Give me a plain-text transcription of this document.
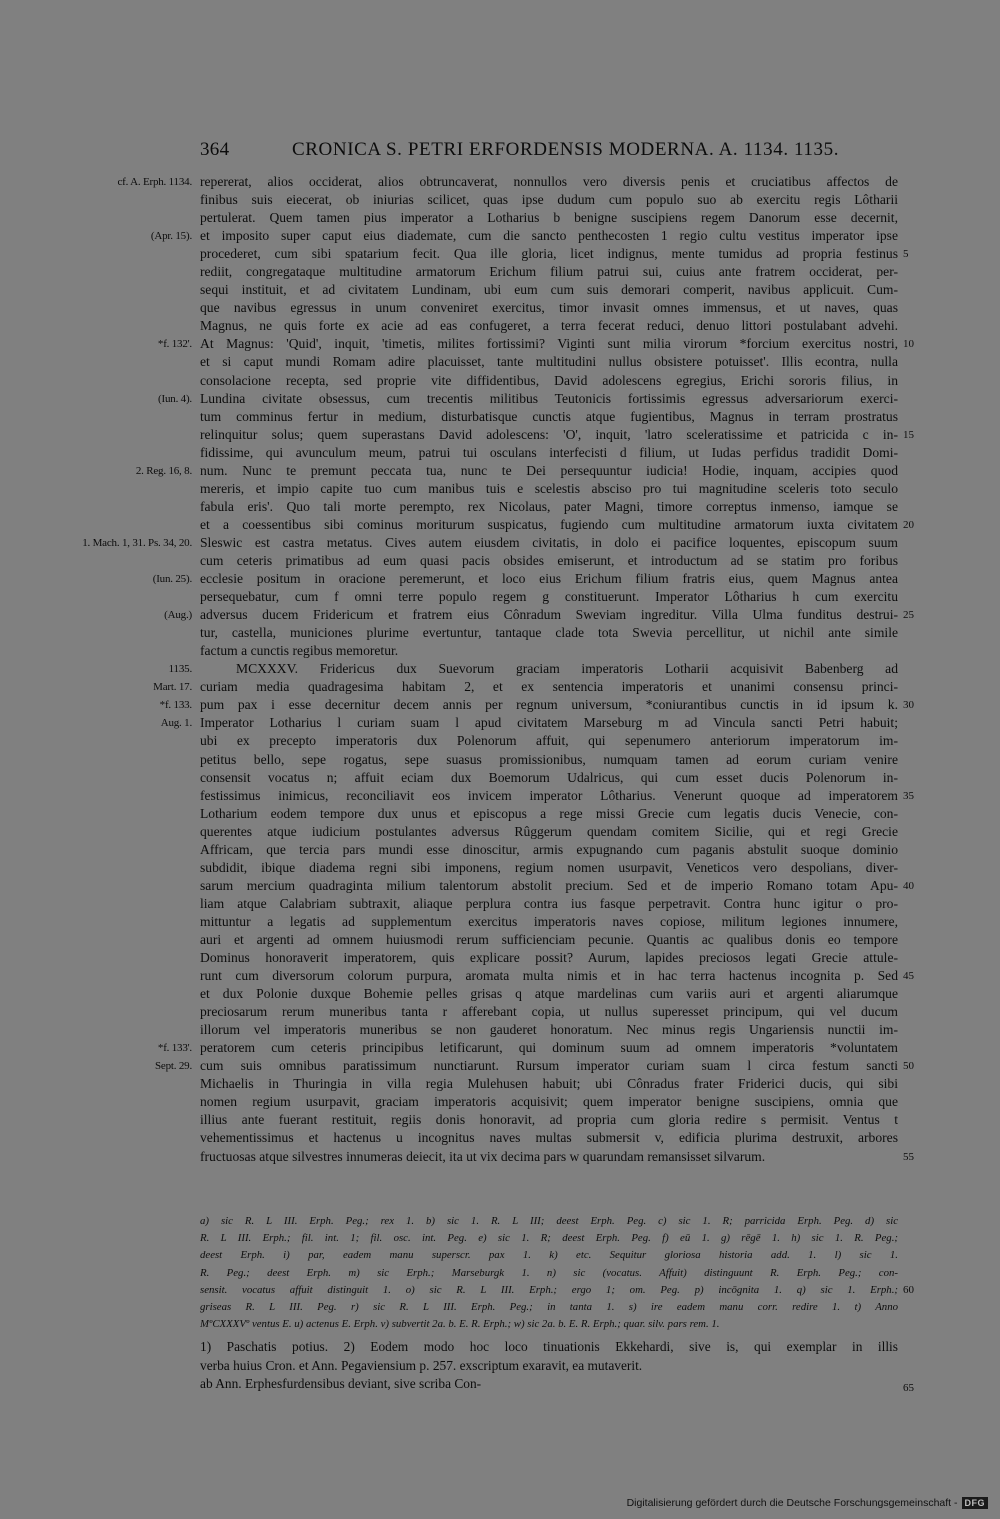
364	CRONICA S. PETRI ERFORDENSIS MODERNA. A. 1134. 1135.
cf. A. Erph. 1134. repererat, alios occiderat, alios obtruncaverat, nonnullos vero diversis penis et cruciatibus affectos de
finibus suis eiecerat, ob iniurias scilicet, quas ipse dudum cum populo suo ab exercitu regis Lôtharii
pertulerat. Quem tamen pius imperator a Lotharius b benigne suscipiens regem Danorum esse decernit,
(Apr. 15). et imposito super caput eius diademate, cum die sancto penthecosten 1 regio cultu vestitus imperator ipse
procederet, cum sibi spatarium fecit. Qua ille gloria, licet indignus, mente tumidus ad propria festinus 5
rediit, congregataque multitudine armatorum Erichum filium patrui sui, cuius ante fratrem occiderat, per-
sequi instituit, et ad civitatem Lundinam, ubi eum cum suis demorari comperit, navibus applicuit. Cum-
que navibus egressus in unum conveniret exercitus, timor invasit omnes immensus, et ut naves, quas
Magnus, ne quis forte ex acie ad eas confugeret, a terra fecerat reduci, denuo littori postulabant advehi.
*f. 132'. At Magnus: 'Quid', inquit, 'timetis, milites fortissimi? Viginti sunt milia virorum *forcium exercitus nostri, 10
et si caput mundi Romam adire placuisset, tante multitudini nullus obsistere potuisset'. Illis econtra, nulla
consolacione recepta, sed proprie vite diffidentibus, David adolescens egregius, Erichi sororis filius, in
(Iun. 4). Lundina civitate obsessus, cum trecentis militibus Teutonicis fortissimis egressus adversariorum exerci-
tum comminus fertur in medium, disturbatisque cunctis atque fugientibus, Magnus in terram prostratus
relinquitur solus; quem superastans David adolescens: 'O', inquit, 'latro sceleratissime et patricida c in- 15
fidissime, qui avunculum meum, patrui tui osculans interfecisti d filium, ut Iudas perfidus tradidit Domi-
2. Reg. 16, 8. num. Nunc te premunt peccata tua, nunc te Dei persequuntur iudicia! Hodie, inquam, accipies quod
mereris, et impio capite tuo cum manibus tuis e scelestis absciso pro tui magnitudine sceleris toto seculo
fabula eris'. Quo tali morte perempto, rex Nicolaus, pater Magni, timore correptus inmenso, iamque se
et a coessentibus sibi cominus moriturum suspicatus, fugiendo cum multitudine armatorum iuxta civitatem 20
1. Mach. 1, 31. Ps. 34, 20. Sleswic est castra metatus. Cives autem eiusdem civitatis, in dolo ei pacifice loquentes, episcopum suum
cum ceteris primatibus ad eum quasi pacis obsides emiserunt, et introductum ad se statim pro foribus
(Iun. 25). ecclesie positum in oracione peremerunt, et loco eius Erichum filium fratris eius, quem Magnus antea
persequebatur, cum f omni terre populo regem g constituerunt. Imperator Lôtharius h cum exercitu
(Aug.) adversus ducem Fridericum et fratrem eius Cônradum Sweviam ingreditur. Villa Ulma funditus destrui- 25
tur, castella, municiones plurime evertuntur, tantaque clade tota Swevia percellitur, ut nichil ante simile
factum a cunctis regibus memoretur.
1135.	MCXXXV. Fridericus dux Suevorum graciam imperatoris Lotharii acquisivit Babenberg ad
Mart. 17. curiam media quadragesima habitam 2, et ex sentencia imperatoris et unanimi consensu princi-
*f. 133. pum pax i esse decernitur decem annis per regnum universum, *coniurantibus cunctis in id ipsum k. 30
Aug. 1. Imperator Lotharius l curiam suam l apud civitatem Marseburg m ad Vincula sancti Petri habuit;
ubi ex precepto imperatoris dux Polenorum affuit, qui sepenumero anteriorum imperatorum im-
petitus bello, sepe rogatus, sepe suasus promissionibus, numquam tamen ad eorum curiam venire
consensit vocatus n; affuit eciam dux Boemorum Udalricus, qui cum esset ducis Polenorum in-
festissimus inimicus, reconciliavit eos invicem imperator Lôtharius. Venerunt quoque ad imperatorem 35
Lotharium eodem tempore dux unus et episcopus a rege missi Grecie cum legatis ducis Venecie, con-
querentes atque iudicium postulantes adversus Rûggerum quendam comitem Sicilie, qui et regi Grecie
Affricam, que tercia pars mundi esse dinoscitur, armis expugnando cum paganis abstulit suoque dominio
subdidit, ibique diadema regni sibi imponens, regium nomen usurpavit, Veneticos vero despolians, diver-
sarum mercium quadraginta milium talentorum abstolit precium. Sed et de imperio Romano totam Apu- 40
liam atque Calabriam subtraxit, aliaque perplura contra ius fasque perpetravit. Contra hunc igitur o pro-
mittuntur a legatis ad supplementum exercitus imperatoris naves copiose, militum legiones innumere,
auri et argenti ad omnem huiusmodi rerum sufficienciam pecunie. Quantis ac qualibus donis eo tempore
Dominus honoraverit imperatorem, quis explicare possit? Aurum, lapides preciosos legati Grecie attule-
runt cum diversorum colorum purpura, aromata multa nimis et in hac terra hactenus incognita p. Sed 45
et dux Polonie duxque Bohemie pelles grisas q atque mardelinas cum variis auri et argenti aliarumque
preciosarum rerum muneribus tanta r afferebant copia, ut nullus superesset principum, qui vel ducum
illorum vel imperatoris muneribus se non gauderet honoratum. Nec minus regis Ungariensis nunctii im-
*f. 133'. peratorem cum ceteris principibus letificarunt, qui dominum suum ad omnem imperatoris *voluntatem
Sept. 29. cum suis omnibus paratissimum nunctiarunt. Rursum imperator curiam suam l circa festum sancti 50
Michaelis in Thuringia in villa regia Mulehusen habuit; ubi Cônradus frater Friderici ducis, qui sibi
nomen regium usurpavit, graciam imperatoris acquisivit; quem imperator benigne suscipiens, omnia que
illius ante fuerant restituit, regiis donis honoravit, ad propria cum gloria redire s permisit. Ventus t
vehementissimus et hactenus u incognitus naves multas submersit v, edificia plurima destruxit, arbores
fructuosas atque silvestres innumeras deiecit, ita ut vix decima pars w quarundam remansisset silvarum.	55
a) sic R. L III. Erph. Peg.; rex 1. b) sic 1. R. L III; deest Erph. Peg. c) sic 1. R; parricida Erph. Peg. d) sic
R. L III. Erph.; fil. int. 1; fil. osc. int. Peg. e) sic 1. R; deest Erph. Peg. f) eū 1. g) rēgē 1. h) sic 1. R. Peg.;
deest Erph. i) par, eadem manu superscr. pax 1. k) etc. Sequitur gloriosa historia add. 1. l) sic 1.
R. Peg.; deest Erph. m) sic Erph.; Marseburgk 1. n) sic (vocatus. Affuit) distinguunt R. Erph. Peg.; con-
sensit. vocatus affuit distinguit 1. o) sic R. L III. Erph.; ergo 1; om. Peg. p) incōgnita 1. q) sic 1. Erph.; 60
griseas R. L III. Peg. r) sic R. L III. Erph. Peg.; in tanta 1. s) ire eadem manu corr. redire 1. t) Anno
MºCXXXVº ventus E. u) actenus E. Erph. v) subvertit 2a. b. E. R. Erph.; w) sic 2a. b. E. R. Erph.; quar. silv. pars rem. 1.
1) Paschatis potius. 2) Eodem modo hoc loco tinuationis Ekkehardi, sive is, qui exemplar in illis
verba huius Cron. et Ann. Pegaviensium p. 257. exscriptum exaravit, ea mutaverit.
ab Ann. Erphesfurdensibus deviant, sive scriba Con-	65
Digitalisierung gefördert durch die Deutsche Forschungsgemeinschaft - DFG
